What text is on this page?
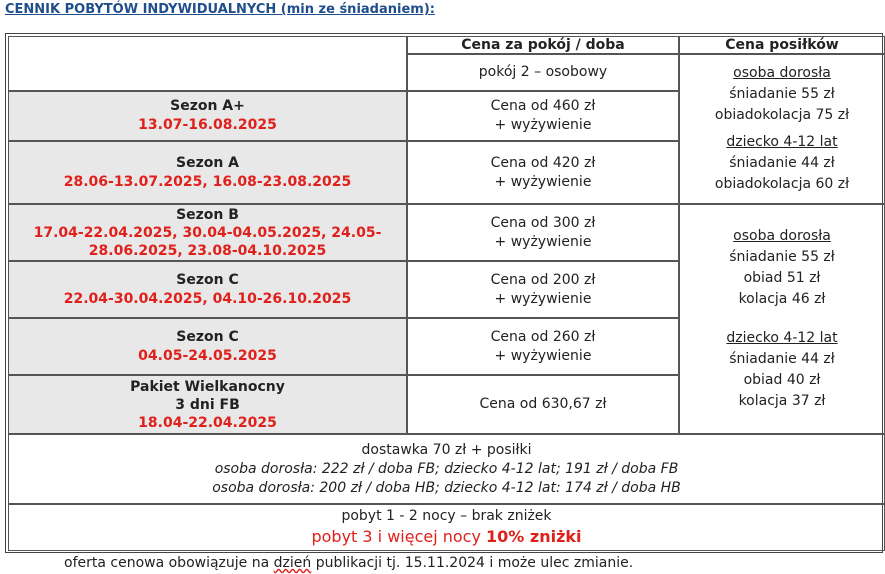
CENNIK POBYTÓW INDYWIDUALNYCH (min ze śniadaniem):
Cena za pokój / doba	Cena posiłków
pokój 2 – osobowy
Sezon A+
13.07-16.08.2025
Sezon A
28.06-13.07.2025, 16.08-23.08.2025
Sezon B
17.04-22.04.2025, 30.04-04.05.2025, 24.05-
28.06.2025, 23.08-04.10.2025
Sezon C
22.04-30.04.2025, 04.10-26.10.2025
Sezon C
04.05-24.05.2025
Pakiet Wielkanocny
3 dni FB
18.04-22.04.2025
Cena od 460 zł
+ wyżywienie
Cena od 420 zł
+ wyżywienie
Cena od 300 zł
+ wyżywienie
Cena od 200 zł
+ wyżywienie
Cena od 260 zł
+ wyżywienie
Cena od 630,67 zł
osoba dorosła
śniadanie 55 zł
obiadokolacja 75 zł
dziecko 4-12 lat
śniadanie 44 zł
obiadokolacja 60 zł
osoba dorosła
śniadanie 55 zł
obiad 51 zł
kolacja 46 zł
dziecko 4-12 lat
śniadanie 44 zł
obiad 40 zł
kolacja 37 zł
dostawka 70 zł + posiłki
osoba dorosła: 222 zł / doba FB; dziecko 4-12 lat; 191 zł / doba FB
osoba dorosła: 200 zł / doba HB; dziecko 4-12 lat: 174 zł / doba HB
pobyt 1 - 2 nocy – brak zniżek
pobyt 3 i więcej nocy 10% zniżki
oferta cenowa obowiązuje na dzień publikacji tj. 15.11.2024 i może ulec zmianie.
